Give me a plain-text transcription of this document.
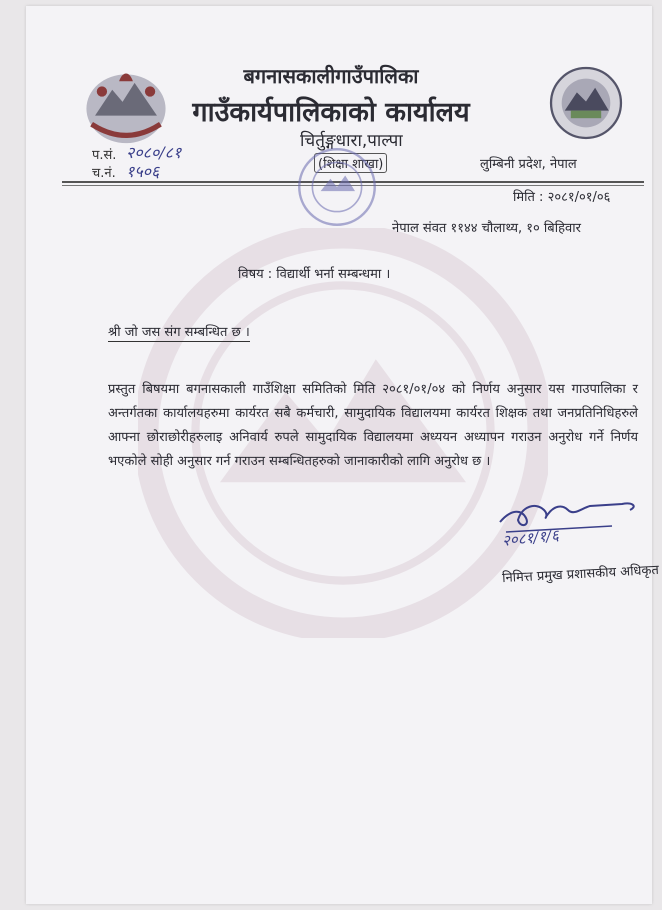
बगनासकालीगाउँपालिका
गाउँकार्यपालिकाको कार्यालय
चिर्तुङ्गधारा,पाल्पा
(शिक्षा शाखा)	लुम्बिनी प्रदेश, नेपाल
प.सं. २०८०/८१
च.नं. १५०६
मिति : २०८१/०१/०६
नेपाल संवत ११४४ चौलाथ्य, १० बिहिवार
विषय : विद्यार्थी भर्ना सम्बन्धमा ।
श्री जो जस संग सम्बन्धित छ ।
प्रस्तुत बिषयमा बगनासकाली गाउँशिक्षा समितिको मिति २०८१/०१/०४ को निर्णय अनुसार यस गाउपालिका र अन्तर्गतका कार्यालयहरुमा कार्यरत सबै कर्मचारी, सामुदायिक विद्यालयमा कार्यरत शिक्षक तथा जनप्रतिनिधिहरुले आफ्ना छोराछोरीहरुलाइ अनिवार्य रुपले सामुदायिक विद्यालयमा अध्ययन अध्यापन गराउन अनुरोध गर्ने निर्णय भएकोले सोही अनुसार गर्न गराउन सम्बन्धितहरुको जानाकारीको लागि अनुरोध छ ।
२०८१/१/६
निमित्त प्रमुख प्रशासकीय अधिकृत
